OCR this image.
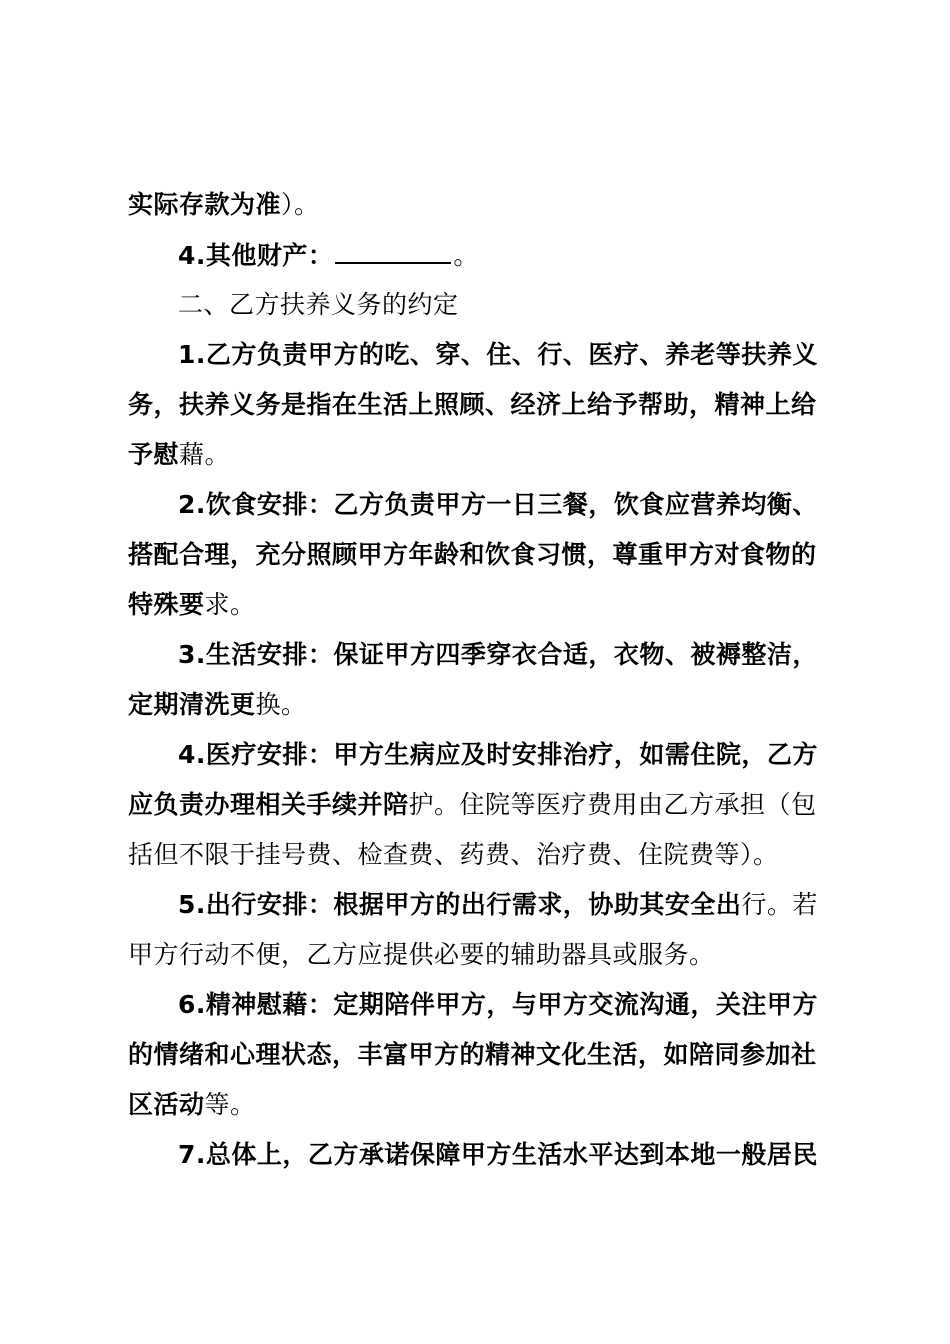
实际存款为准）。
4.其他财产：	。
二、乙方扶养义务的约定
1.乙方负责甲方的吃、穿、住、行、医疗、养老等扶养义
务，扶养义务是指在生活上照顾、经济上给予帮助，精神上给
予慰藉。
2.饮食安排：乙方负责甲方一日三餐，饮食应营养均衡、
搭配合理，充分照顾甲方年龄和饮食习惯，尊重甲方对食物的
特殊要求。
3.生活安排：保证甲方四季穿衣合适，衣物、被褥整洁，
定期清洗更换。
4.医疗安排：甲方生病应及时安排治疗，如需住院，乙方
应负责办理相关手续并陪护。住院等医疗费用由乙方承担（包
括但不限于挂号费、检查费、药费、治疗费、住院费等）。
5.出行安排：根据甲方的出行需求，协助其安全出行。若
甲方行动不便，乙方应提供必要的辅助器具或服务。
6.精神慰藉：定期陪伴甲方，与甲方交流沟通，关注甲方
的情绪和心理状态，丰富甲方的精神文化生活，如陪同参加社
区活动等。
7.总体上，乙方承诺保障甲方生活水平达到本地一般居民
